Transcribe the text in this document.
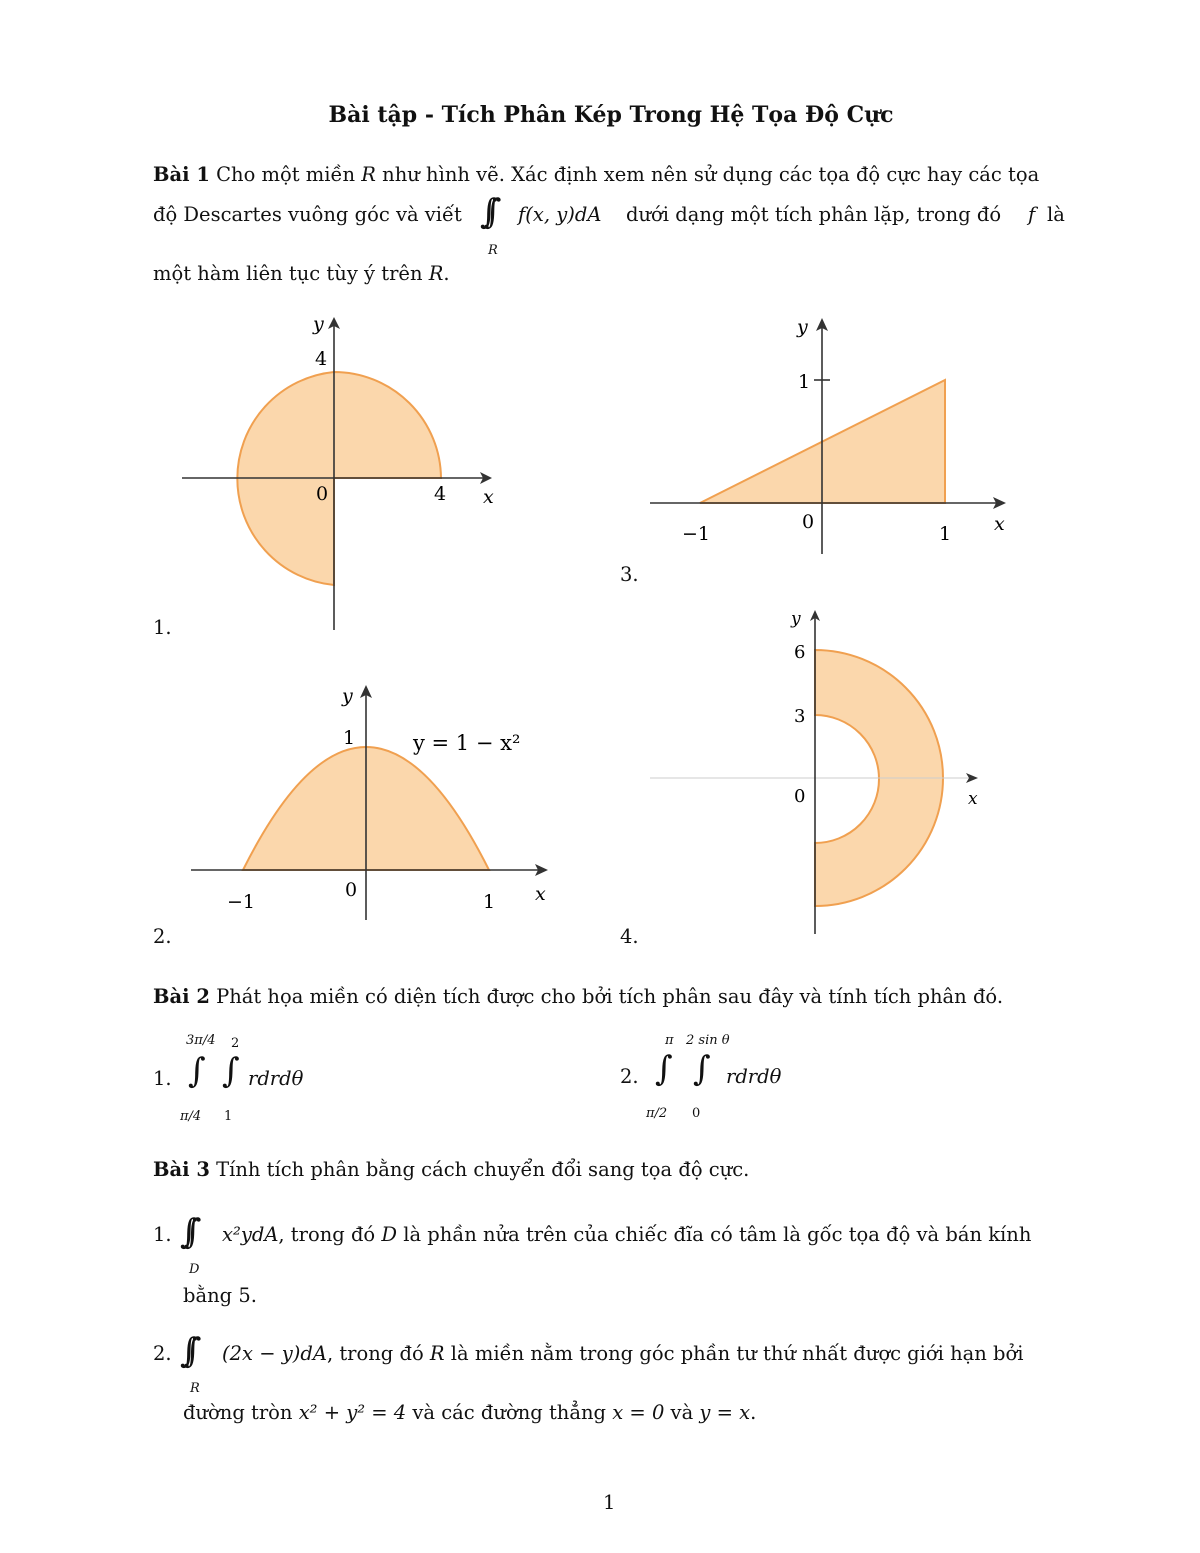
Bài tập - Tích Phân Kép Trong Hệ Tọa Độ Cực
Bài 1 Cho một miền R như hình vẽ. Xác định xem nên sử dụng các tọa độ cực hay các tọa
độ Descartes vuông góc và viết ∫∫
R
f(x, y)dA dưới dạng một tích phân lặp, trong đó f là
một hàm liên tục tùy ý trên R.
y
x
4
4
0
1.
y
x
1
−1	1
0
3.
y
x
1	y = 1 − x²
−1	1
0
2.
y
x
6
3
0
4.
Bài 2 Phát họa miền có diện tích được cho bởi tích phân sau đây và tính tích phân đó.
1.
3π/4
∫
π/4
2
∫
1
rdrdθ	2.
π
∫
π/2
2 sin θ
∫
0
rdrdθ
Bài 3 Tính tích phân bằng cách chuyển đổi sang tọa độ cực.
1. ∫∫
D
x²ydA, trong đó D là phần nửa trên của chiếc đĩa có tâm là gốc tọa độ và bán kính
bằng 5.
2. ∫∫
R
(2x − y)dA, trong đó R là miền nằm trong góc phần tư thứ nhất được giới hạn bởi
đường tròn x² + y² = 4 và các đường thẳng x = 0 và y = x.
1
